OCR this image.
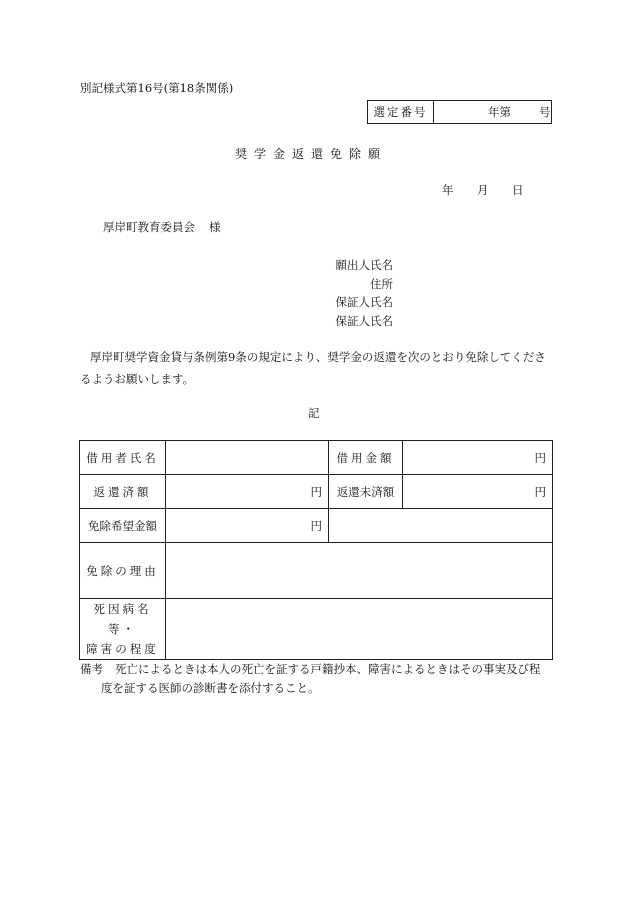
別記様式第16号(第18条関係)
選定番号	年第 号
奨学金返還免除願
年 月 日
厚岸町教育委員会 様
願出人氏名
住所
保証人氏名
保証人氏名
厚岸町奨学資金貸与条例第9条の規定により、奨学金の返還を次のとおり免除してくださるようお願いします。
記
借用者氏名		借用金額	円
返還済額	円	返還未済額	円
免除希望金額	円		
免除の理由			

死因病名等・
障害の程度			

備考 死亡によるときは本人の死亡を証する戸籍抄本、障害によるときはその事実及び程
度を証する医師の診断書を添付すること。
